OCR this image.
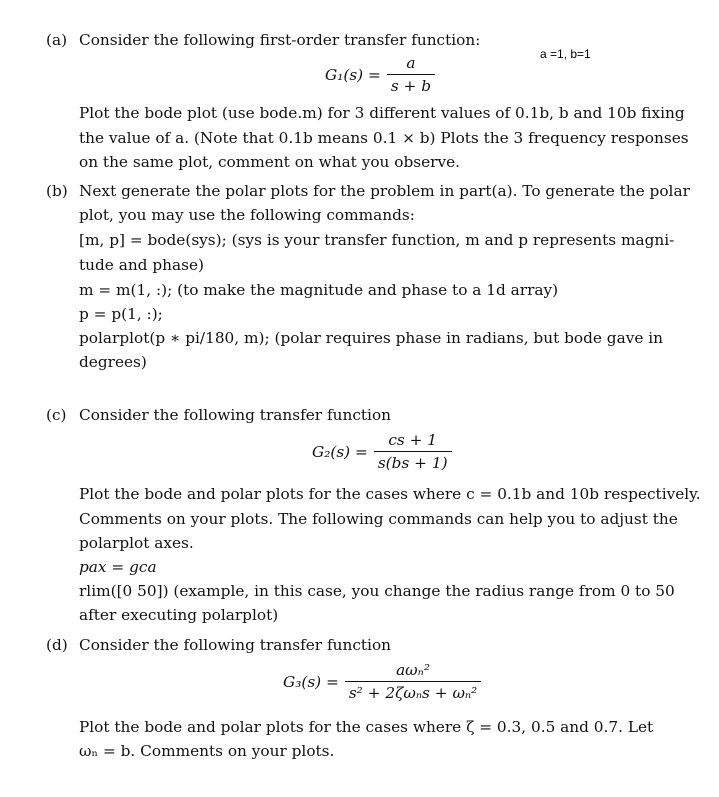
a =1, b=1
(a) Consider the following first-order transfer function:
$G_1(s) = \frac{a}{s + b}$
Plot the bode plot (use bode.m) for 3 different values of 0.1b, b and 10b fixing
the value of a. (Note that 0.1b means 0.1 × b) Plots the 3 frequency responses
on the same plot, comment on what you observe.
(b) Next generate the polar plots for the problem in part(a). To generate the polar
plot, you may use the following commands:
[m, p] = bode(sys); (sys is your transfer function, m and p represents magni-
tude and phase)
m = m(1, :); (to make the magnitude and phase to a 1d array)
p = p(1, :);
polarplot(p ∗ pi/180, m); (polar requires phase in radians, but bode gave in
degrees)
(c) Consider the following transfer function
$G_2(s) = \frac{cs + 1}{s(bs + 1)}$
Plot the bode and polar plots for the cases where c = 0.1b and 10b respectively.
Comments on your plots. The following commands can help you to adjust the
polarplot axes.
pax = gca
rlim([0 50]) (example, in this case, you change the radius range from 0 to 50
after executing polarplot)
(d) Consider the following transfer function
$G_3(s) = \frac{\text{aωₙ²}}{\text{s² + 2ζωₙs + ωₙ²}}$
Plot the bode and polar plots for the cases where ζ = 0.3, 0.5 and 0.7. Let
ωₙ = b. Comments on your plots.
